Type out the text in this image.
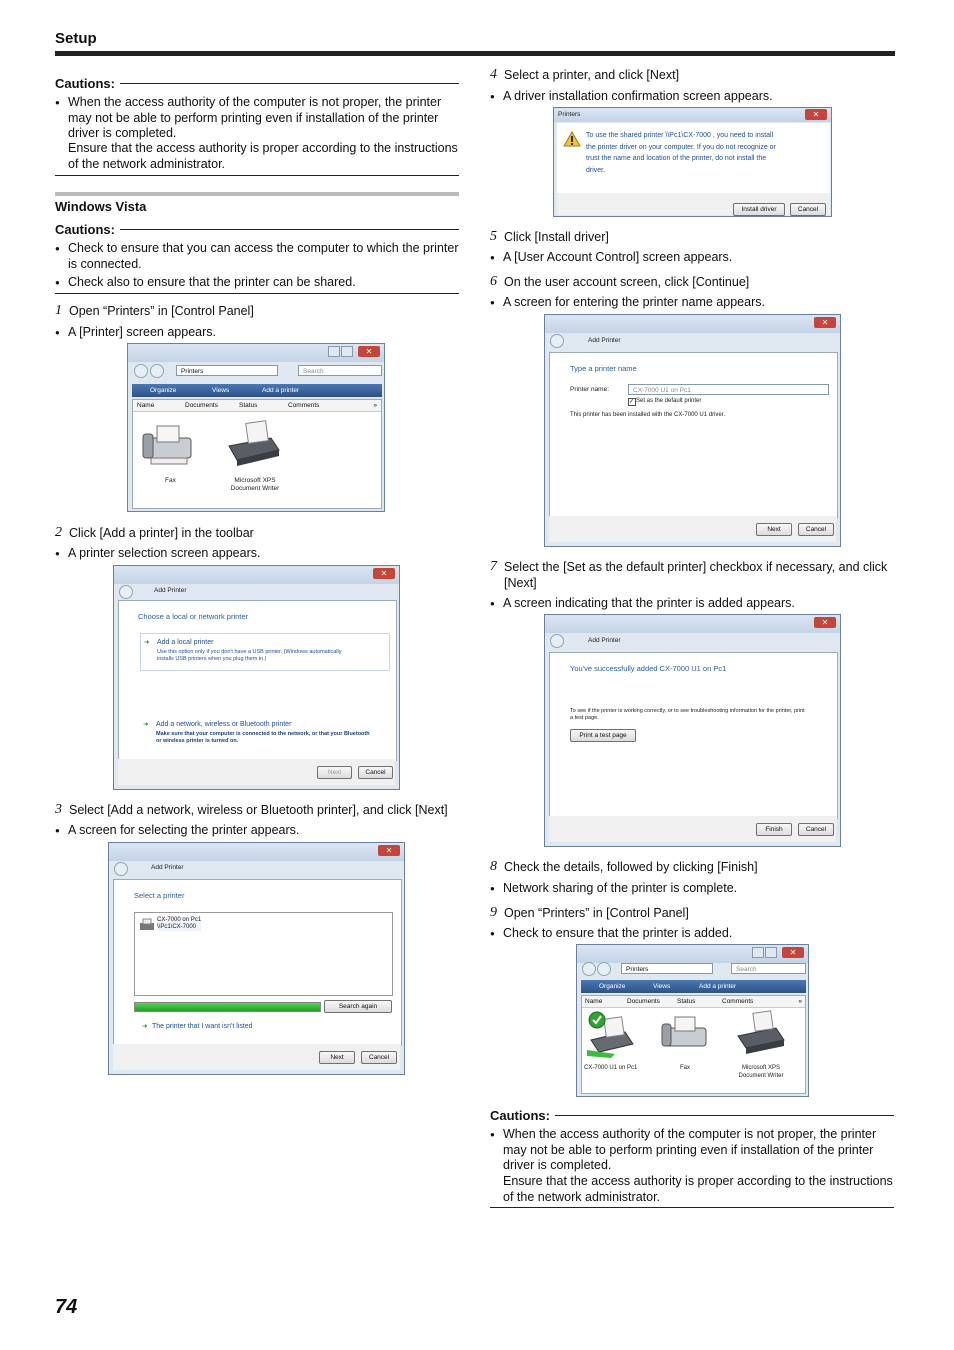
Setup
Cautions:
● When the access authority of the computer is not proper, the printer may not be able to perform printing even if installation of the printer driver is completed.
Ensure that the access authority is proper according to the instructions of the network administrator.
Windows Vista
Cautions:
● Check to ensure that you can access the computer to which the printer is connected.
● Check also to ensure that the printer can be shared.
1 Open “Printers” in [Control Panel]
● A [Printer] screen appears.
2 Click [Add a printer] in the toolbar
● A printer selection screen appears.
3 Select [Add a network, wireless or Bluetooth printer], and click [Next]
● A screen for selecting the printer appears.
4 Select a printer, and click [Next]
● A driver installation confirmation screen appears.
5 Click [Install driver]
● A [User Account Control] screen appears.
6 On the user account screen, click [Continue]
● A screen for entering the printer name appears.
7 Select the [Set as the default printer] checkbox if necessary, and click [Next]
● A screen indicating that the printer is added appears.
8 Check the details, followed by clicking [Finish]
● Network sharing of the printer is complete.
9 Open “Printers” in [Control Panel]
● Check to ensure that the printer is added.
Cautions:
● When the access authority of the computer is not proper, the printer may not be able to perform printing even if installation of the printer driver is completed.
Ensure that the access authority is proper according to the instructions of the network administrator.
✕
Printers	Search
Organize	Views	Add a printer
Name	Documents	Status	Comments	»
Fax	Microsoft XPS
Document Writer
✕
Add Printer
Choose a local or network printer
➜ Add a local printer
Use this option only if you don't have a USB printer. (Windows automatically
installs USB printers when you plug them in.)
➜ Add a network, wireless or Bluetooth printer
Make sure that your computer is connected to the network, or that your Bluetooth
or wireless printer is turned on.
Next	Cancel
✕
Add Printer
Select a printer
CX-7000 on Pc1
\\Pc1\CX-7000
Search again
➜ The printer that I want isn't listed
Next	Cancel
Printers	✕
To use the shared printer \\Pc1\CX-7000 , you need to install
the printer driver on your computer. If you do not recognize or
trust the name and location of the printer, do not install the
driver.
Install driver	Cancel
✕
Add Printer
Type a printer name
Printer name:	CX-7000 U1 on Pc1
✓ Set as the default printer
This printer has been installed with the CX-7000 U1 driver.
Next	Cancel
✕
Add Printer
You've successfully added CX-7000 U1 on Pc1
To see if the printer is working correctly, or to see troubleshooting information for the printer, print
a test page.
Print a test page
Finish	Cancel
✕
Printers	Search
Organize	Views	Add a printer
Name	Documents	Status	Comments	»
CX-7000 U1 on Pc1	Fax	Microsoft XPS
Document Writer
74
